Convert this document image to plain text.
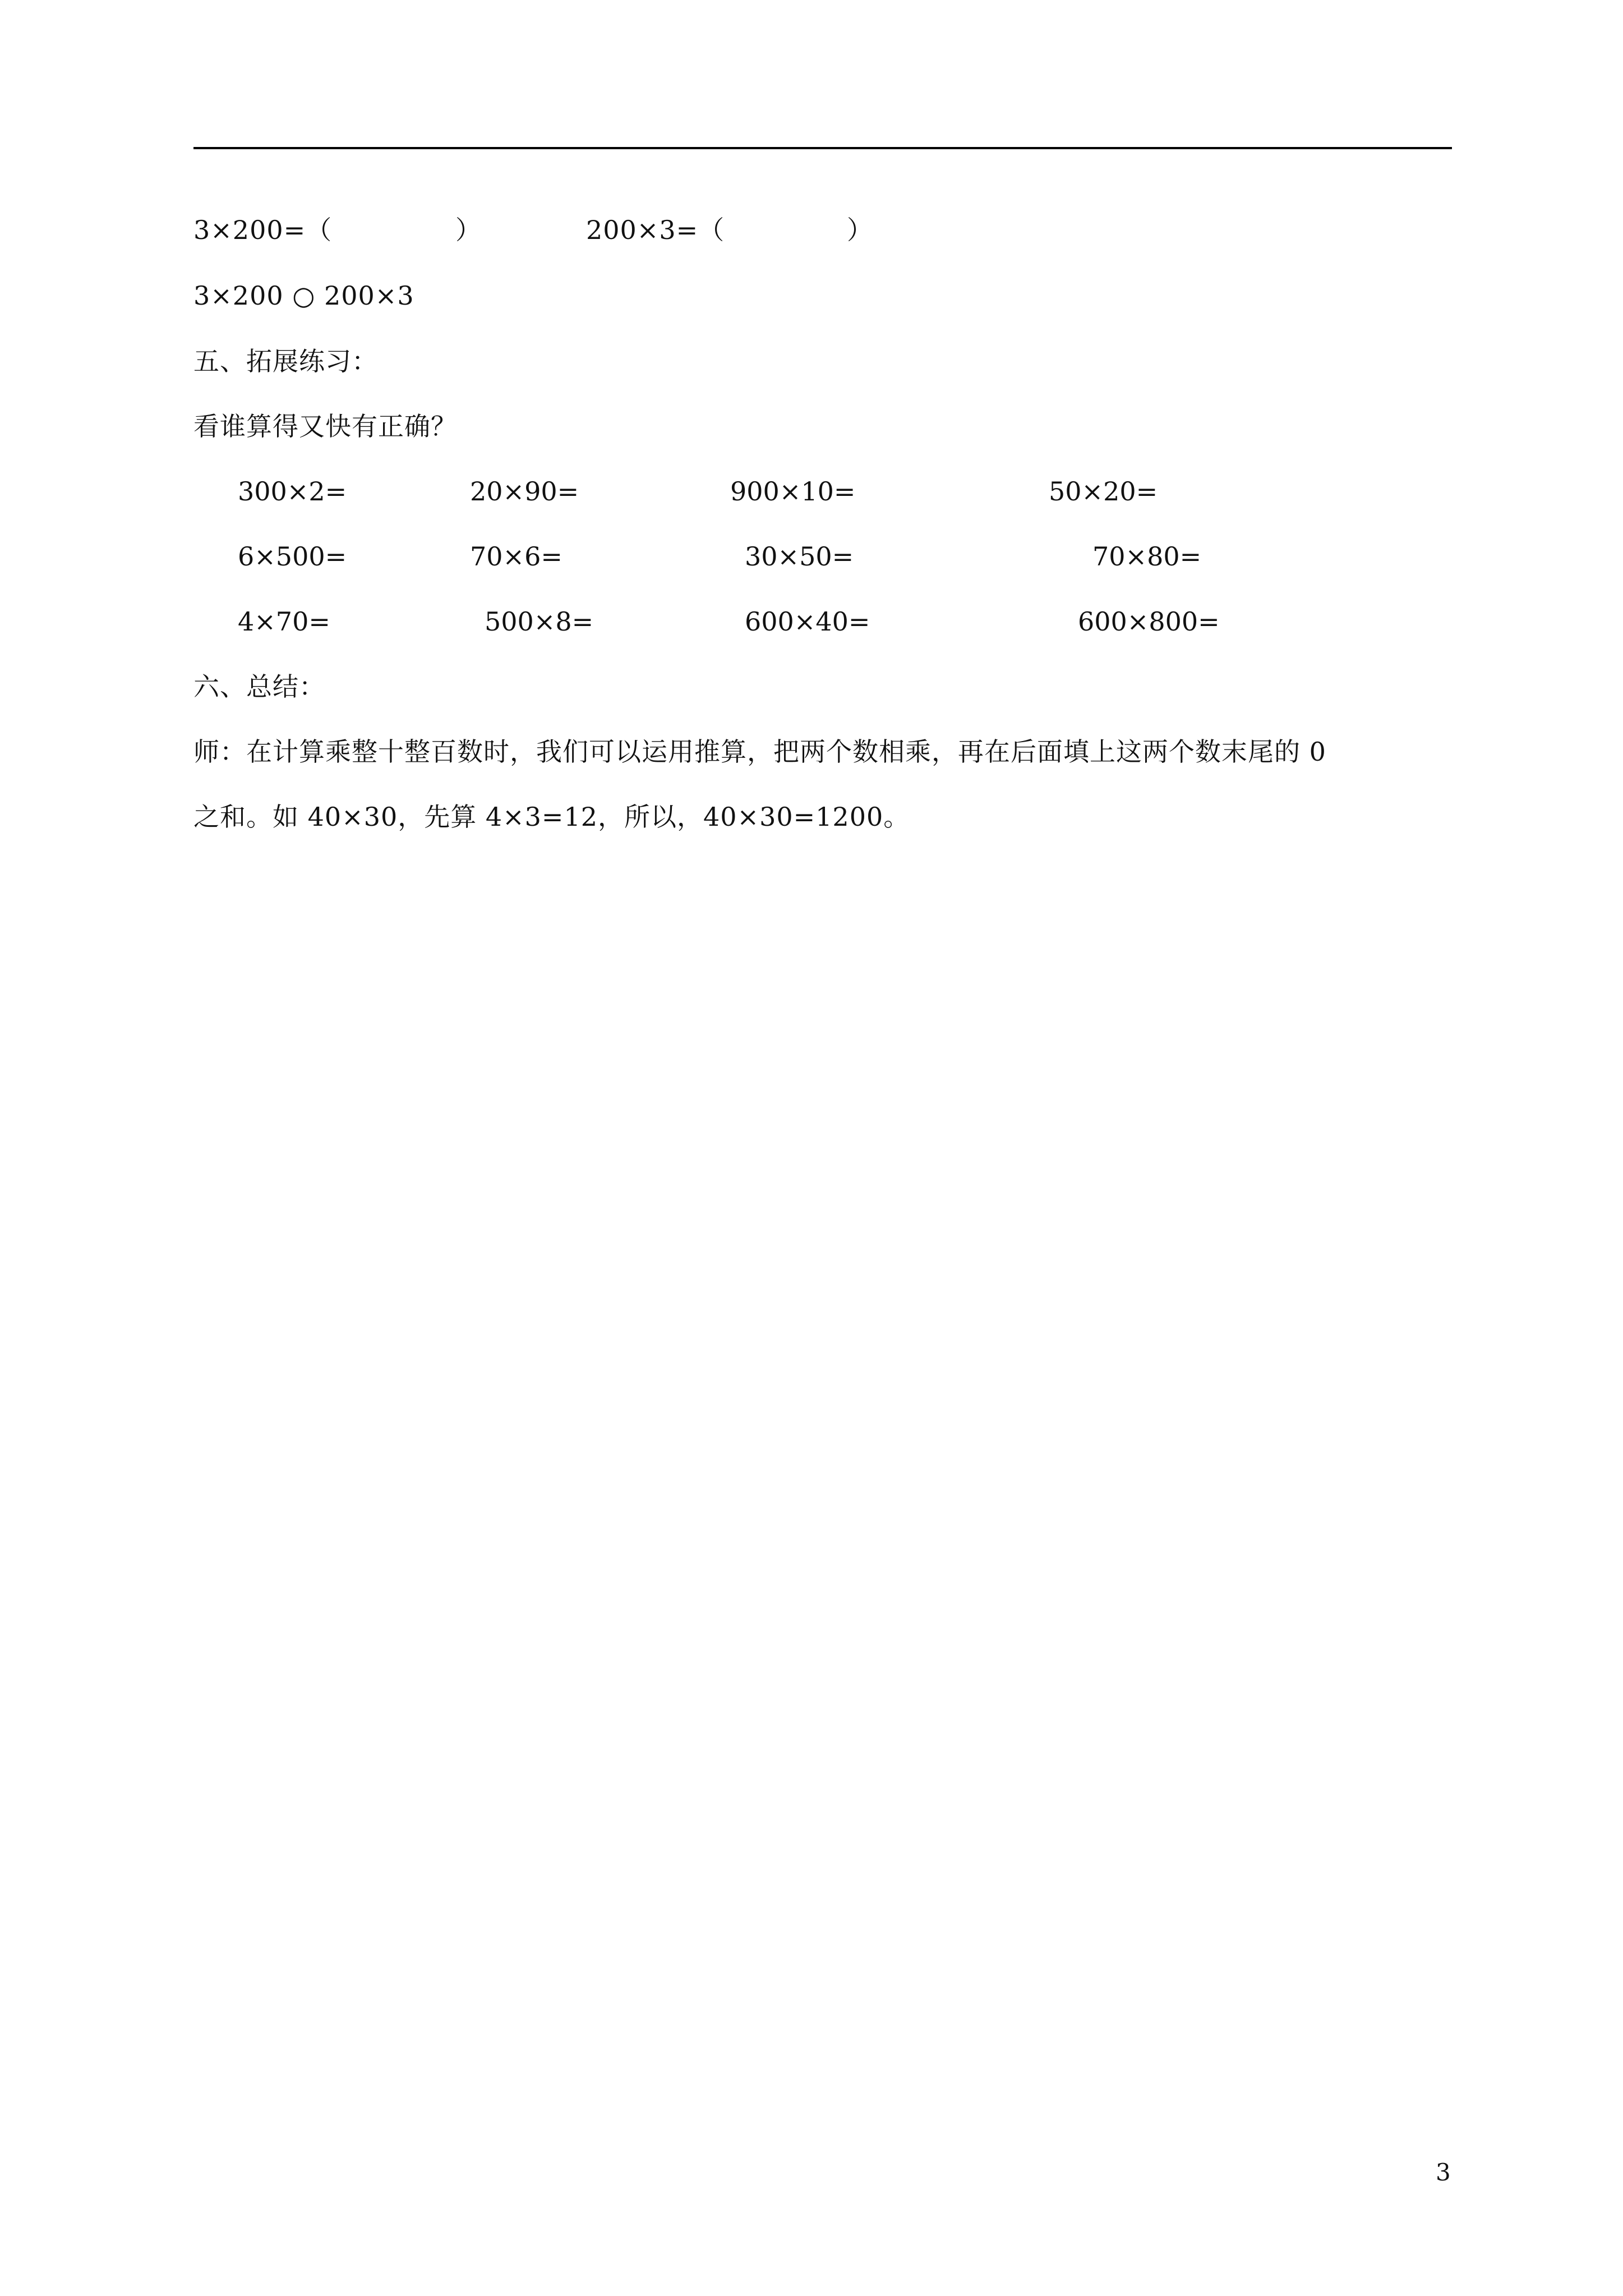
3×200=（	）	200×3=（	）
3×200 ○ 200×3
五、拓展练习：
看谁算得又快有正确？
300×2=	20×90=	900×10=	50×20=
6×500=	70×6=	30×50=	70×80=
4×70=	500×8=	600×40=	600×800=
六、总结：
师：在计算乘整十整百数时，我们可以运用推算，把两个数相乘，再在后面填上这两个数末尾的 0
之和。如 40×30，先算 4×3=12，所以，40×30=1200。
3
